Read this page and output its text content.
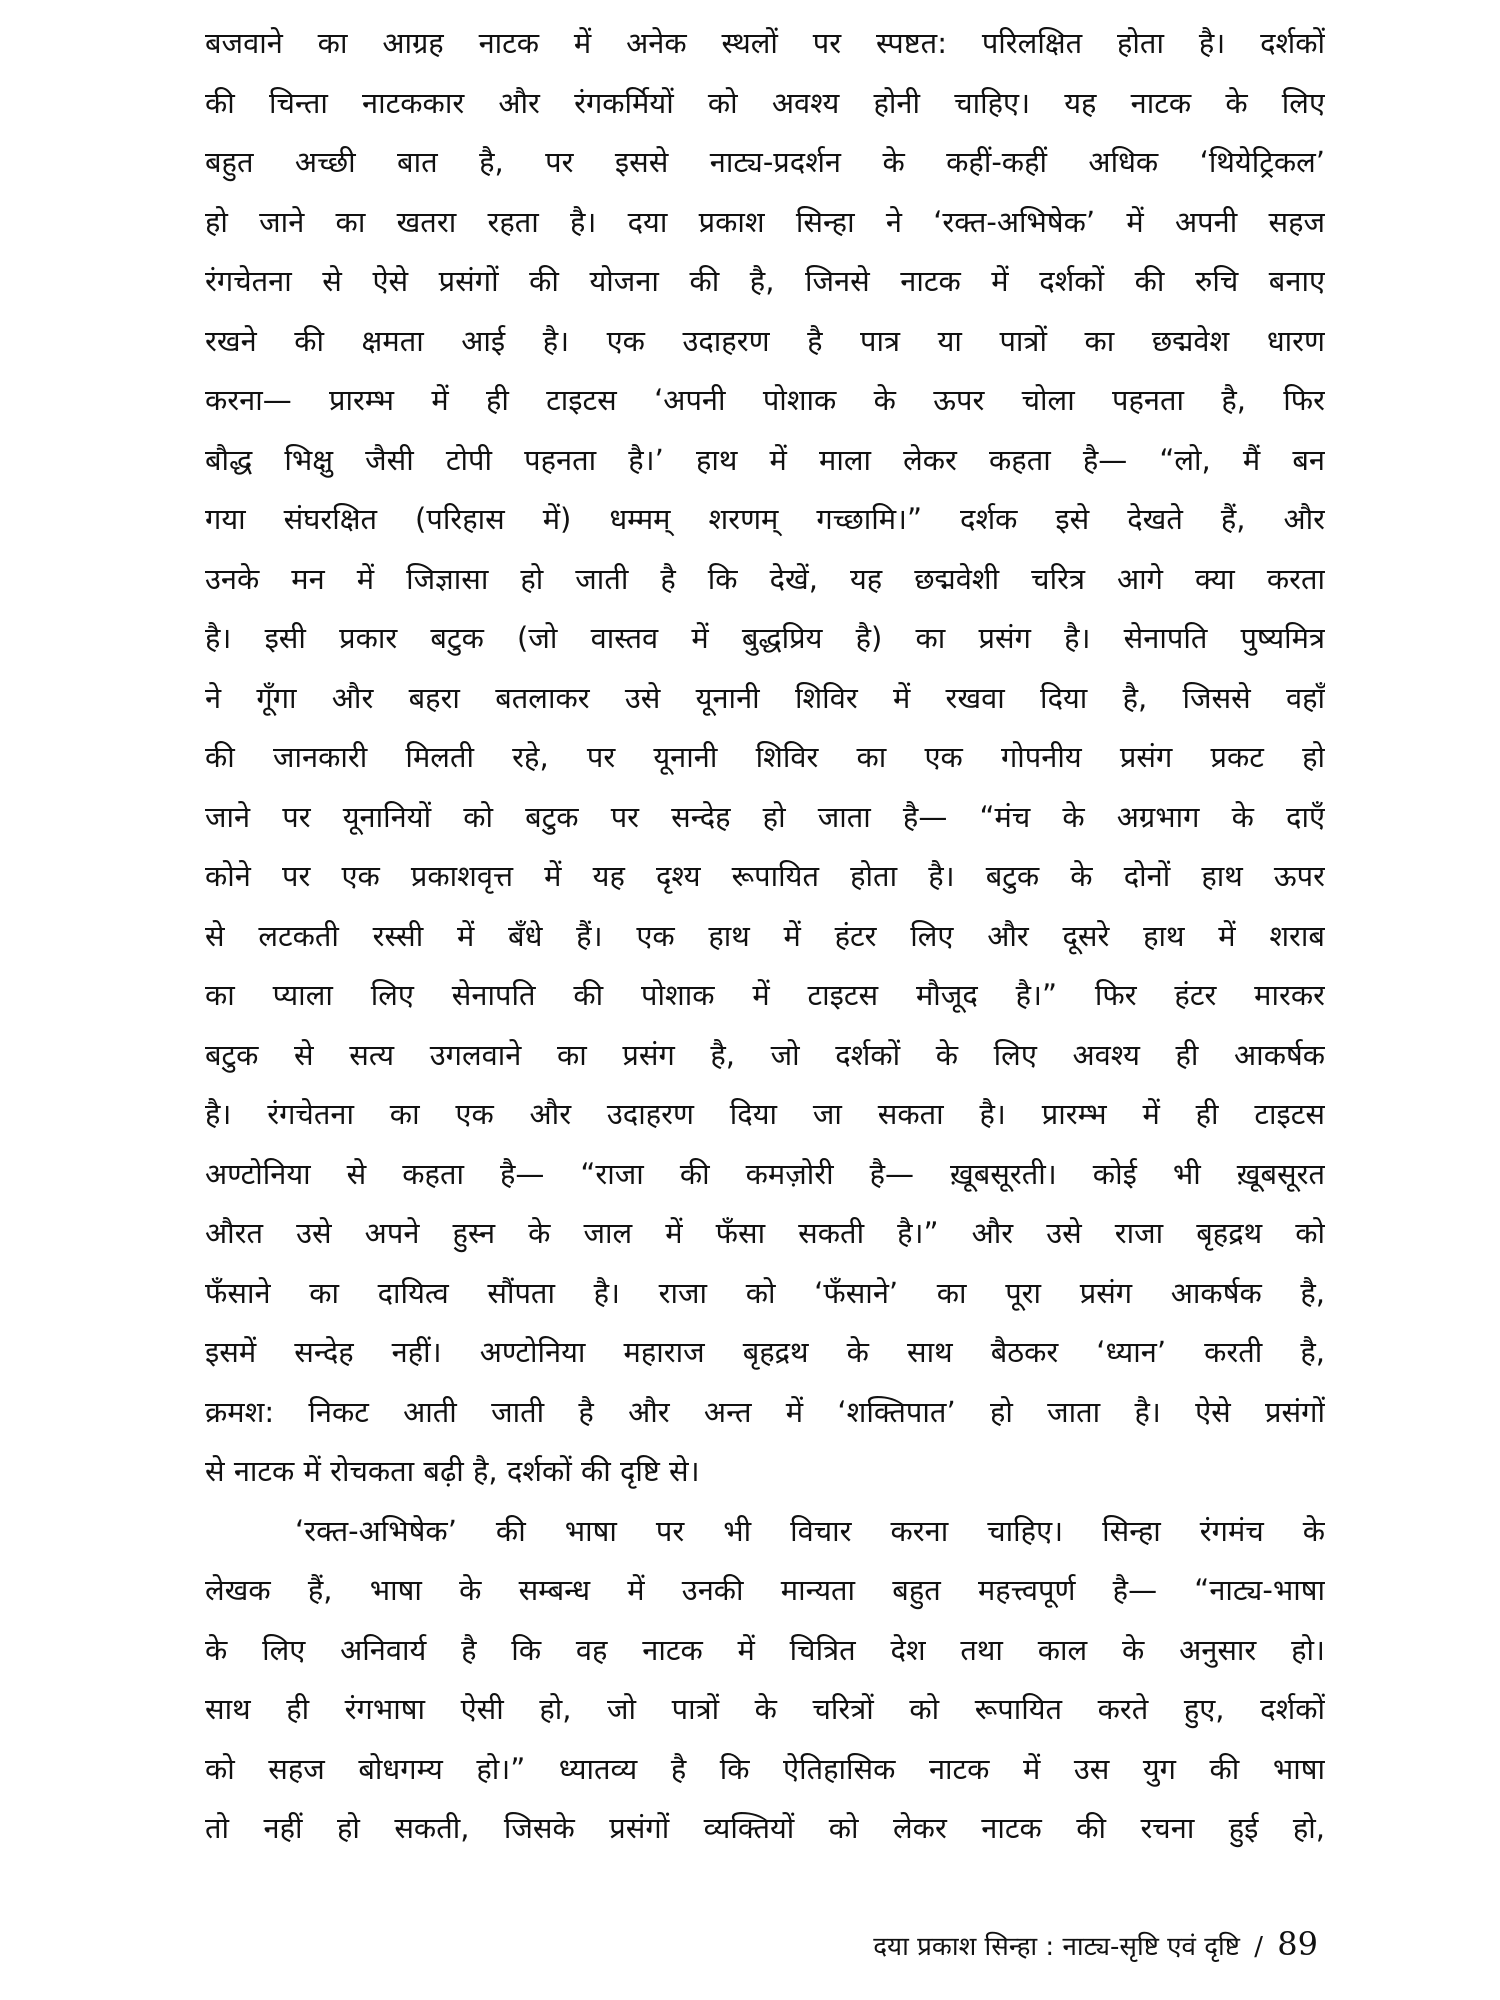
बजवाने का आग्रह नाटक में अनेक स्थलों पर स्पष्टत: परिलक्षित होता है। दर्शकों
की चिन्ता नाटककार और रंगकर्मियों को अवश्य होनी चाहिए। यह नाटक के लिए
बहुत अच्छी बात है, पर इससे नाट्य-प्रदर्शन के कहीं-कहीं अधिक ‘थियेट्रिकल’
हो जाने का खतरा रहता है। दया प्रकाश सिन्हा ने ‘रक्त-अभिषेक’ में अपनी सहज
रंगचेतना से ऐसे प्रसंगों की योजना की है, जिनसे नाटक में दर्शकों की रुचि बनाए
रखने की क्षमता आई है। एक उदाहरण है पात्र या पात्रों का छद्मवेश धारण
करना— प्रारम्भ में ही टाइटस ‘अपनी पोशाक के ऊपर चोला पहनता है, फिर
बौद्ध भिक्षु जैसी टोपी पहनता है।’ हाथ में माला लेकर कहता है— “लो, मैं बन
गया संघरक्षित (परिहास में) धम्मम् शरणम् गच्छामि।” दर्शक इसे देखते हैं, और
उनके मन में जिज्ञासा हो जाती है कि देखें, यह छद्मवेशी चरित्र आगे क्या करता
है। इसी प्रकार बटुक (जो वास्तव में बुद्धप्रिय है) का प्रसंग है। सेनापति पुष्यमित्र
ने गूँगा और बहरा बतलाकर उसे यूनानी शिविर में रखवा दिया है, जिससे वहाँ
की जानकारी मिलती रहे, पर यूनानी शिविर का एक गोपनीय प्रसंग प्रकट हो
जाने पर यूनानियों को बटुक पर सन्देह हो जाता है— “मंच के अग्रभाग के दाएँ
कोने पर एक प्रकाशवृत्त में यह दृश्य रूपायित होता है। बटुक के दोनों हाथ ऊपर
से लटकती रस्सी में बँधे हैं। एक हाथ में हंटर लिए और दूसरे हाथ में शराब
का प्याला लिए सेनापति की पोशाक में टाइटस मौजूद है।” फिर हंटर मारकर
बटुक से सत्य उगलवाने का प्रसंग है, जो दर्शकों के लिए अवश्य ही आकर्षक
है। रंगचेतना का एक और उदाहरण दिया जा सकता है। प्रारम्भ में ही टाइटस
अण्टोनिया से कहता है— “राजा की कमज़ोरी है— ख़ूबसूरती। कोई भी ख़ूबसूरत
औरत उसे अपने हुस्न के जाल में फँसा सकती है।” और उसे राजा बृहद्रथ को
फँसाने का दायित्व सौंपता है। राजा को ‘फँसाने’ का पूरा प्रसंग आकर्षक है,
इसमें सन्देह नहीं। अण्टोनिया महाराज बृहद्रथ के साथ बैठकर ‘ध्यान’ करती है,
क्रमश: निकट आती जाती है और अन्त में ‘शक्तिपात’ हो जाता है। ऐसे प्रसंगों
से नाटक में रोचकता बढ़ी है, दर्शकों की दृष्टि से।
‘रक्त-अभिषेक’ की भाषा पर भी विचार करना चाहिए। सिन्हा रंगमंच के
लेखक हैं, भाषा के सम्बन्ध में उनकी मान्यता बहुत महत्त्वपूर्ण है— “नाट्य-भाषा
के लिए अनिवार्य है कि वह नाटक में चित्रित देश तथा काल के अनुसार हो।
साथ ही रंगभाषा ऐसी हो, जो पात्रों के चरित्रों को रूपायित करते हुए, दर्शकों
को सहज बोधगम्य हो।” ध्यातव्य है कि ऐतिहासिक नाटक में उस युग की भाषा
तो नहीं हो सकती, जिसके प्रसंगों व्यक्तियों को लेकर नाटक की रचना हुई हो,
दया प्रकाश सिन्हा : नाट्य-सृष्टि एवं दृष्टि / 89
